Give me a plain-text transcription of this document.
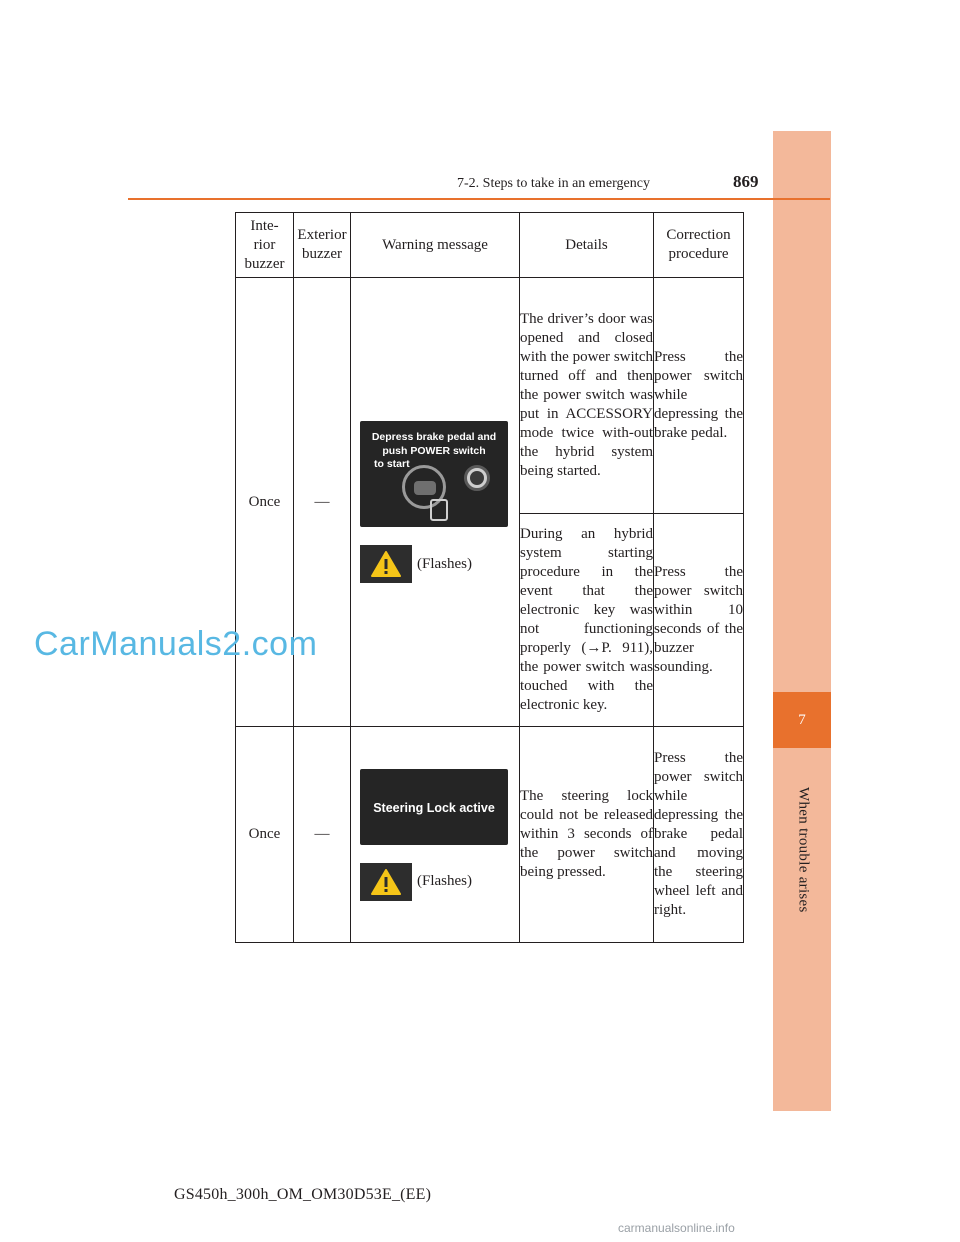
7
When trouble arises
7-2. Steps to take in an emergency	869
Inte-
rior
buzzer	Exterior
buzzer	Warning message	Details	Correction
procedure
Once	—	Depress brake pedal and
push POWER switch
to start
(Flashes)	The driver’s door was opened and closed with the power switch turned off and then the power switch was put in ACCESSORY mode twice with-out the hybrid system being started.	Press the power switch while depressing the brake pedal.
			During an hybrid system starting procedure in the event that the electronic key was not functioning properly (→P. 911), the power switch was touched with the electronic key.	Press the power switch within 10 seconds of the buzzer sounding.
Once	—	Steering Lock active
(Flashes)	The steering lock could not be released within 3 seconds of the power switch being pressed.	Press the power switch while depressing the brake pedal and moving the steering wheel left and right.
CarManuals2.com
GS450h_300h_OM_OM30D53E_(EE)
carmanualsonline.info
